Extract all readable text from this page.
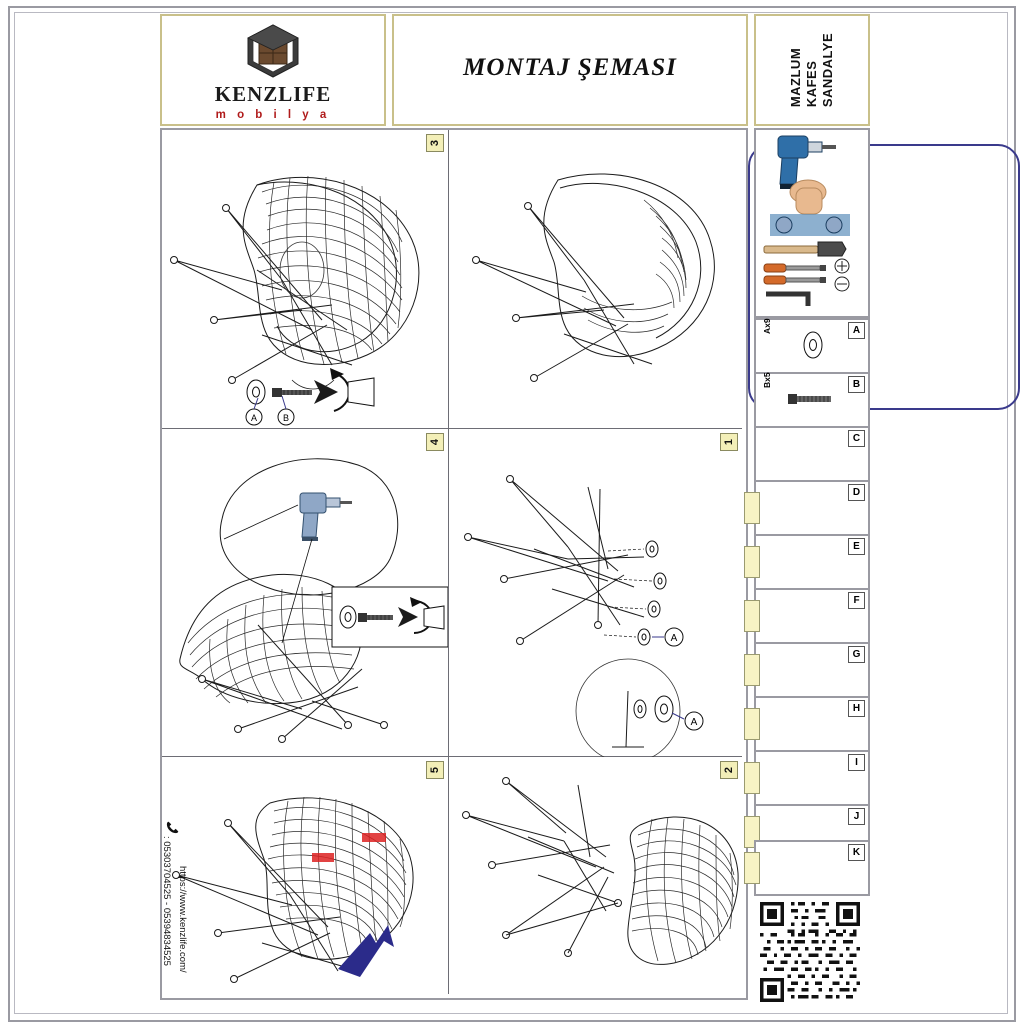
KENZLIFE
m o b i l y a
MONTAJ ŞEMASI	MAZLUM KAFES SANDALYE
3
A	B
4	1
A
A
5	2
: 05303704525 - 05394834525 https://www.kenzlife.com/
A
Ax9
B
Bx5
C
D
E
F
G
H
I
J
K
